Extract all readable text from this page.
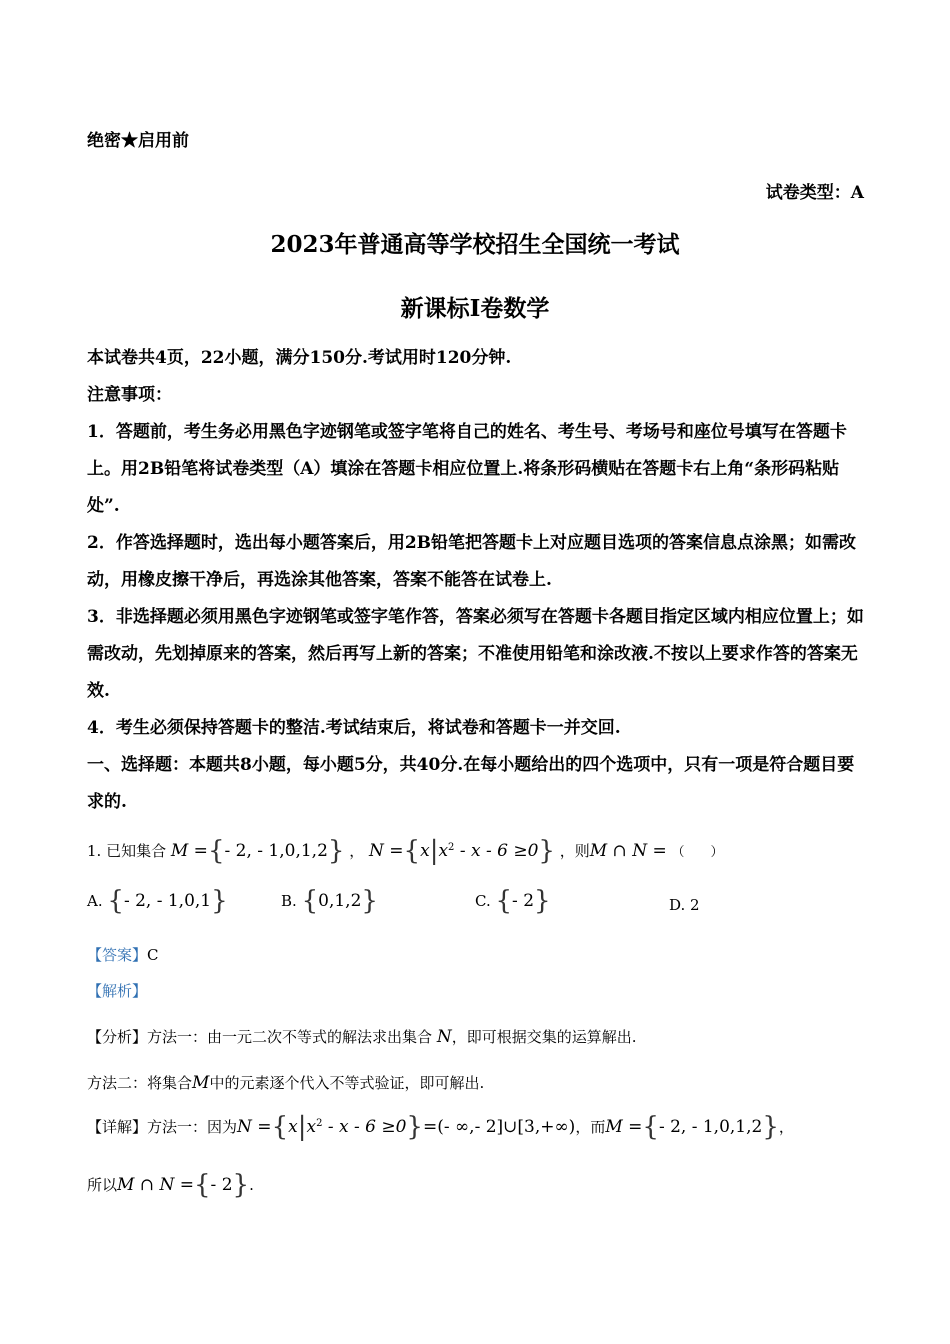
绝密★启用前
试卷类型：A
2023年普通高等学校招生全国统一考试
新课标Ⅰ卷数学

本试卷共4页，22小题，满分150分.考试用时120分钟.

注意事项：

1．答题前，考生务必用黑色字迹钢笔或签字笔将自己的姓名、考生号、考场号和座位号填写在答题卡上。用2B铅笔将试卷类型（A）填涂在答题卡相应位置上.将条形码横贴在答题卡右上角“条形码粘贴处”.

2．作答选择题时，选出每小题答案后，用2B铅笔把答题卡上对应题目选项的答案信息点涂黑；如需改动，用橡皮擦干净后，再选涂其他答案，答案不能答在试卷上.

3．非选择题必须用黑色字迹钢笔或签字笔作答，答案必须写在答题卡各题目指定区域内相应位置上；如需改动，先划掉原来的答案，然后再写上新的答案；不准使用铅笔和涂改液.不按以上要求作答的答案无效.

4．考生必须保持答题卡的整洁.考试结束后，将试卷和答题卡一并交回.

一、选择题：本题共8小题，每小题5分，共40分.在每小题给出的四个选项中，只有一项是符合题目要求的.

1. 已知集合 M ={- 2, - 1,0,1,2} ， $N =\{x|x^2 - x - 6 \ge 0\}$ ，则M ∩ N = （　　）
A. {- 2, - 1,0,1}	B. {0,1,2}	C. {- 2}	D. 2
【答案】C
【解析】
【分析】方法一：由一元二次不等式的解法求出集合 N，即可根据交集的运算解出.
方法二：将集合M中的元素逐个代入不等式验证，即可解出.
【详解】方法一：因为$N =\{x|x^2 - x - 6 \ge 0\}=(-$ ∞,- 2]∪[3,+∞)，而M ={- 2, - 1,0,1,2}，
所以M ∩ N ={- 2}.
